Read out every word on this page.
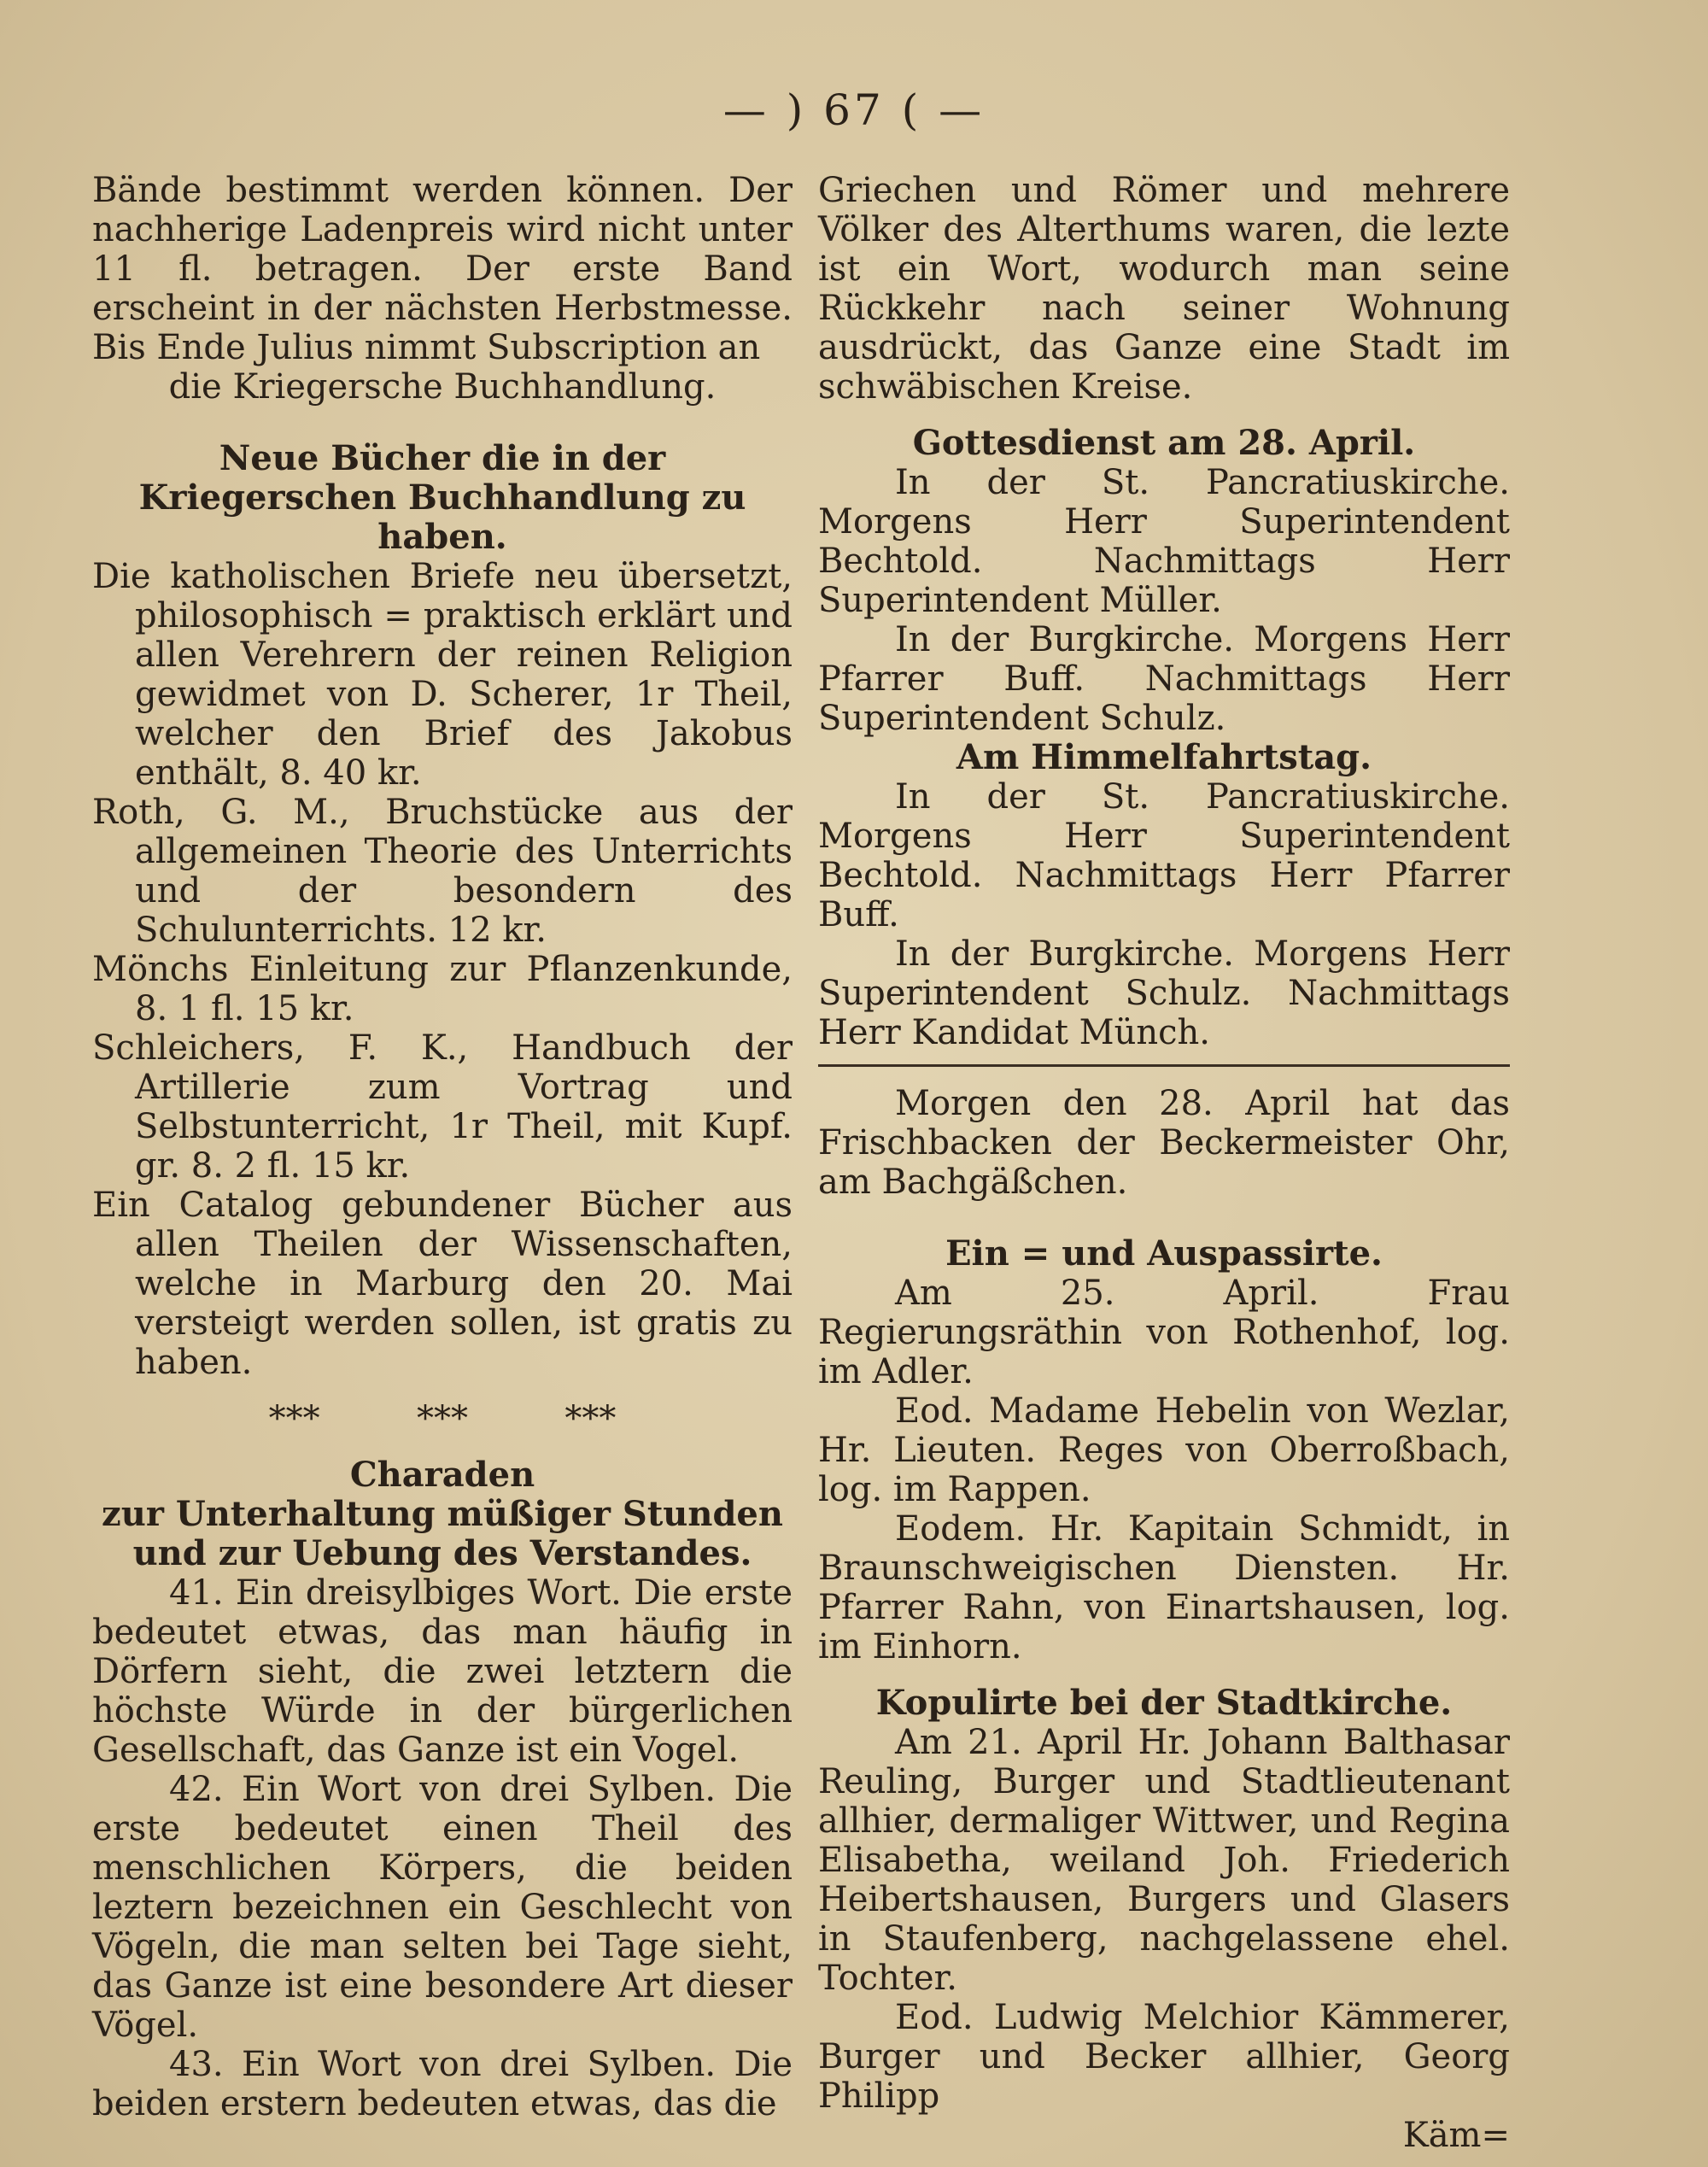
— ) 67 ( —

Bände bestimmt werden können. Der nachherige Ladenpreis wird nicht unter 11 fl. betragen. Der erste Band erscheint in der nächsten Herbstmesse. Bis Ende Julius nimmt Subscription an

die Kriegersche Buchhandlung.

Neue Bücher die in der Kriegerschen Buchhandlung zu haben.

Die katholischen Briefe neu übersetzt, philosophisch = praktisch erklärt und allen Verehrern der reinen Religion gewidmet von D. Scherer, 1r Theil, welcher den Brief des Jakobus enthält, 8. 40 kr.

Roth, G. M., Bruchstücke aus der allgemeinen Theorie des Unterrichts und der besondern des Schulunterrichts. 12 kr.

Mönchs Einleitung zur Pflanzenkunde, 8. 1 fl. 15 kr.

Schleichers, F. K., Handbuch der Artillerie zum Vortrag und Selbstunterricht, 1r Theil, mit Kupf. gr. 8. 2 fl. 15 kr.

Ein Catalog gebundener Bücher aus allen Theilen der Wissenschaften, welche in Marburg den 20. Mai versteigt werden sollen, ist gratis zu haben.

***	***	***

Charaden

zur Unterhaltung müßiger Stunden und zur Uebung des Verstandes.

41. Ein dreisylbiges Wort. Die erste bedeutet etwas, das man häufig in Dörfern sieht, die zwei letztern die höchste Würde in der bürgerlichen Gesellschaft, das Ganze ist ein Vogel.

42. Ein Wort von drei Sylben. Die erste bedeutet einen Theil des menschlichen Körpers, die beiden leztern bezeichnen ein Geschlecht von Vögeln, die man selten bei Tage sieht, das Ganze ist eine besondere Art dieser Vögel.

43. Ein Wort von drei Sylben. Die beiden erstern bedeuten etwas, das die

Griechen und Römer und mehrere Völker des Alterthums waren, die lezte ist ein Wort, wodurch man seine Rückkehr nach seiner Wohnung ausdrückt, das Ganze eine Stadt im schwäbischen Kreise.

Gottesdienst am 28. April.

In der St. Pancratiuskirche. Morgens Herr Superintendent Bechtold. Nachmittags Herr Superintendent Müller.

In der Burgkirche. Morgens Herr Pfarrer Buff. Nachmittags Herr Superintendent Schulz.

Am Himmelfahrtstag.

In der St. Pancratiuskirche. Morgens Herr Superintendent Bechtold. Nachmittags Herr Pfarrer Buff.

In der Burgkirche. Morgens Herr Superintendent Schulz. Nachmittags Herr Kandidat Münch.

Morgen den 28. April hat das Frischbacken der Beckermeister Ohr, am Bachgäßchen.

Ein = und Auspassirte.

Am 25. April. Frau Regierungsräthin von Rothenhof, log. im Adler.

Eod. Madame Hebelin von Wezlar, Hr. Lieuten. Reges von Oberroßbach, log. im Rappen.

Eodem. Hr. Kapitain Schmidt, in Braunschweigischen Diensten. Hr. Pfarrer Rahn, von Einartshausen, log. im Einhorn.

Kopulirte bei der Stadtkirche.

Am 21. April Hr. Johann Balthasar Reuling, Burger und Stadtlieutenant allhier, dermaliger Wittwer, und Regina Elisabetha, weiland Joh. Friederich Heibertshausen, Burgers und Glasers in Staufenberg, nachgelassene ehel. Tochter.

Eod. Ludwig Melchior Kämmerer, Burger und Becker allhier, Georg Philipp

Käm=
